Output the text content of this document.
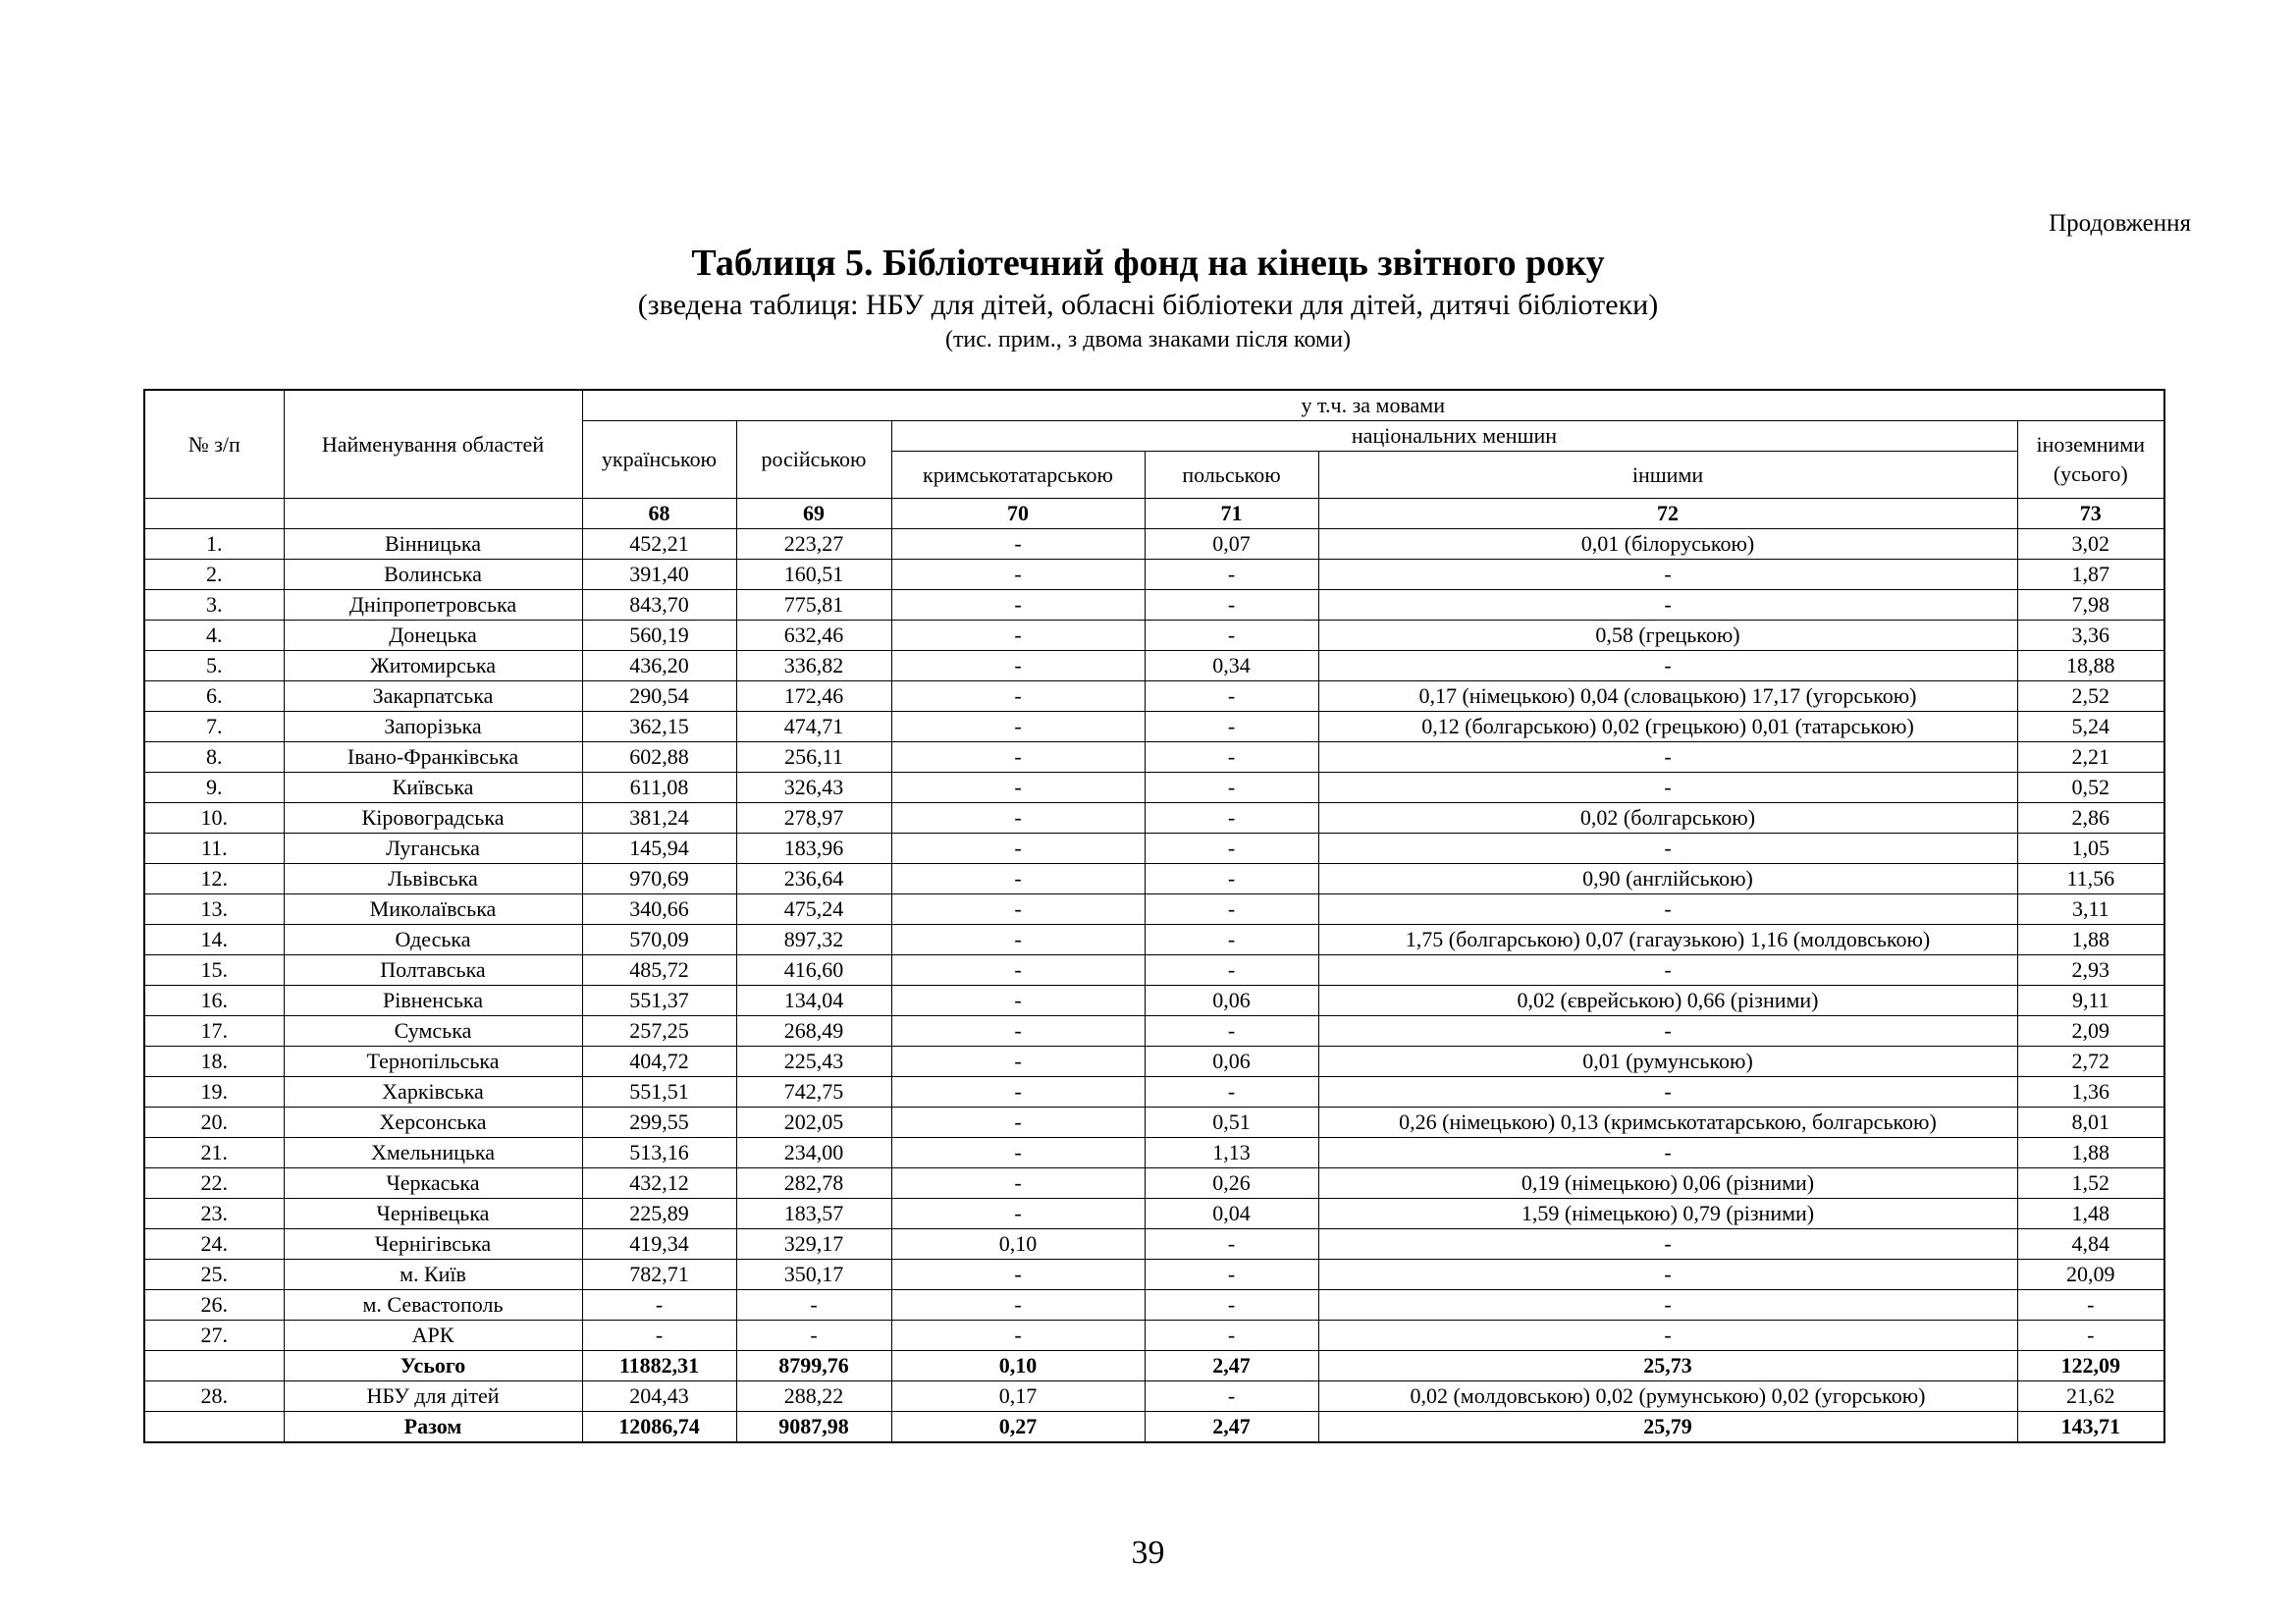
Продовження
Таблиця 5. Бібліотечний фонд на кінець звітного року
(зведена таблиця: НБУ для дітей, обласні бібліотеки для дітей, дитячі бібліотеки)
(тис. прим., з двома знаками після коми)
№ з/п	Найменування областей	у т.ч. за мовами					
		українською	російською	національних меншин			іноземними (усього)
				кримськотатарською	польською	іншими	
		68	69	70	71	72	73
1.	Вінницька	452,21	223,27	-	0,07	0,01 (білоруською)	3,02
2.	Волинська	391,40	160,51	-	-	-	1,87
3.	Дніпропетровська	843,70	775,81	-	-	-	7,98
4.	Донецька	560,19	632,46	-	-	0,58 (грецькою)	3,36
5.	Житомирська	436,20	336,82	-	0,34	-	18,88
6.	Закарпатська	290,54	172,46	-	-	0,17 (німецькою) 0,04 (словацькою) 17,17 (угорською)	2,52
7.	Запорізька	362,15	474,71	-	-	0,12 (болгарською) 0,02 (грецькою) 0,01 (татарською)	5,24
8.	Івано-Франківська	602,88	256,11	-	-	-	2,21
9.	Київська	611,08	326,43	-	-	-	0,52
10.	Кіровоградська	381,24	278,97	-	-	0,02 (болгарською)	2,86
11.	Луганська	145,94	183,96	-	-	-	1,05
12.	Львівська	970,69	236,64	-	-	0,90 (англійською)	11,56
13.	Миколаївська	340,66	475,24	-	-	-	3,11
14.	Одеська	570,09	897,32	-	-	1,75 (болгарською) 0,07 (гагаузькою) 1,16 (молдовською)	1,88
15.	Полтавська	485,72	416,60	-	-	-	2,93
16.	Рівненська	551,37	134,04	-	0,06	0,02 (єврейською) 0,66 (різними)	9,11
17.	Сумська	257,25	268,49	-	-	-	2,09
18.	Тернопільська	404,72	225,43	-	0,06	0,01 (румунською)	2,72
19.	Харківська	551,51	742,75	-	-	-	1,36
20.	Херсонська	299,55	202,05	-	0,51	0,26 (німецькою) 0,13 (кримськотатарською, болгарською)	8,01
21.	Хмельницька	513,16	234,00	-	1,13	-	1,88
22.	Черкаська	432,12	282,78	-	0,26	0,19 (німецькою) 0,06 (різними)	1,52
23.	Чернівецька	225,89	183,57	-	0,04	1,59 (німецькою) 0,79 (різними)	1,48
24.	Чернігівська	419,34	329,17	0,10	-	-	4,84
25.	м. Київ	782,71	350,17	-	-	-	20,09
26.	м. Севастополь	-	-	-	-	-	-
27.	АРК	-	-	-	-	-	-
	Усього	11882,31	8799,76	0,10	2,47	25,73	122,09
28.	НБУ для дітей	204,43	288,22	0,17	-	0,02 (молдовською) 0,02 (румунською) 0,02 (угорською)	21,62
	Разом	12086,74	9087,98	0,27	2,47	25,79	143,71
39
